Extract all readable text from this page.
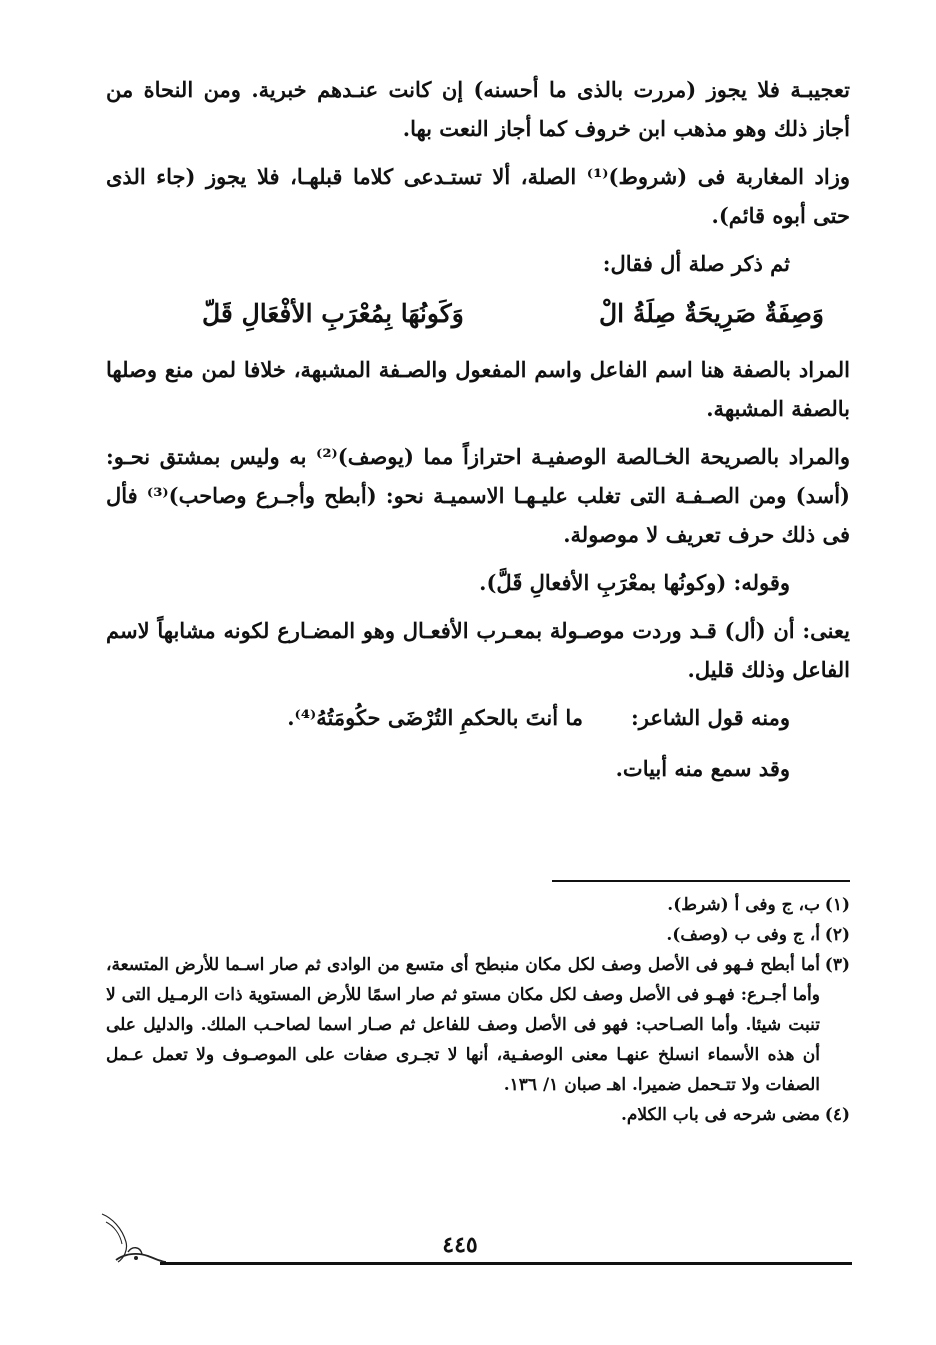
تعجيبـة فلا يجوز (مررت بالذى ما أحسنه) إن كانت عنـدهم خبرية. ومن النحاة من أجاز ذلك وهو مذهب ابن خروف كما أجاز النعت بها.

وزاد المغاربة فى (شروط)⁽¹⁾ الصلة، ألا تستـدعى كلاما قبلهـا، فلا يجوز (جاء الذى حتى أبوه قائم).

ثم ذكر صلة أل فقال:

وَصِفَةٌ صَرِيحَةٌ صِلَةُ الْ
وَكَونُهَا بِمُعْرَبِ الأفْعَالِ قَلّ

المراد بالصفة هنا اسم الفاعل واسم المفعول والصـفة المشبهة، خلافا لمن منع وصلها بالصفة المشبهة.

والمراد بالصريحة الخـالصة الوصفيـة احترازاً مما (يوصف)⁽²⁾ به وليس بمشتق نحـو: (أسد) ومن الصـفـة التى تغلب عليـهـا الاسميـة نحو: (أبطح وأجـرع وصاحب)⁽³⁾ فأل فى ذلك حرف تعريف لا موصولة.

وقوله: (وكونُها بمعْرَبِ الأفعالِ قَلَّ).

يعنى: أن (أل) قـد وردت موصـولة بمعـرب الأفعـال وهو المضـارع لكونه مشابهاً لاسم الفاعل وذلك قليل.

ومنه قول الشاعر:
ما أنتَ بالحكمِ التُرْضَى حكُومَتُهُ⁽⁴⁾.

وقد سمع منه أبيات.

(١)
ب، ج وفى أ (شرط).
(٢)
أ، ج وفى ب (وصف).
(٣)
أما أبطح فـهو فى الأصل وصف لكل مكان منبطح أى متسع من الوادى ثم صار اسـما للأرض المتسعة، وأما أجـرع: فهـو فى الأصل وصف لكل مكان مستو ثم صار اسمًا للأرض المستوية ذات الرمـيل التى لا تنبت شيئا. وأما الصـاحب: فهو فى الأصل وصف للفاعل ثم صـار اسما لصاحـب الملك. والدليل على أن هذه الأسماء انسلخ عنهـا معنى الوصفـية، أنها لا تجـرى صفات على الموصـوف ولا تعمل عـمل الصفات ولا تتـحمل ضميرا. اهـ صبان ١/ ١٣٦.
(٤)
مضى شرحه فى باب الكلام.
٤٤٥
